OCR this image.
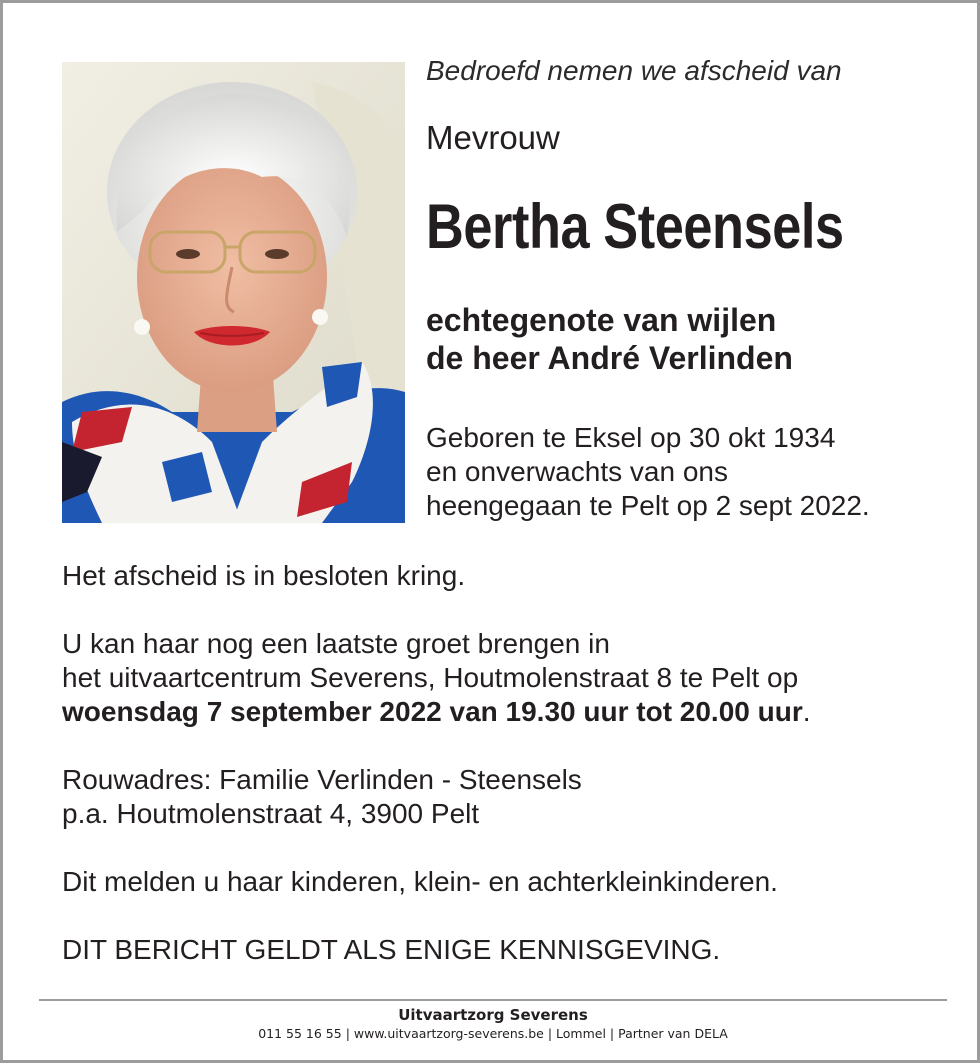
Bedroefd nemen we afscheid van
Mevrouw
Bertha Steensels
echtegenote van wijlen
de heer André Verlinden
Geboren te Eksel op 30 okt 1934
en onverwachts van ons
heengegaan te Pelt op 2 sept 2022.

Het afscheid is in besloten kring.

U kan haar nog een laatste groet brengen in

het uitvaartcentrum Severens, Houtmolenstraat 8 te Pelt op

woensdag 7 september 2022 van 19.30 uur tot 20.00 uur.

Rouwadres: Familie Verlinden - Steensels

p.a. Houtmolenstraat 4, 3900 Pelt

Dit melden u haar kinderen, klein- en achterkleinkinderen.

DIT BERICHT GELDT ALS ENIGE KENNISGEVING.

Uitvaartzorg Severens
011 55 16 55 | www.uitvaartzorg-severens.be | Lommel | Partner van DELA
